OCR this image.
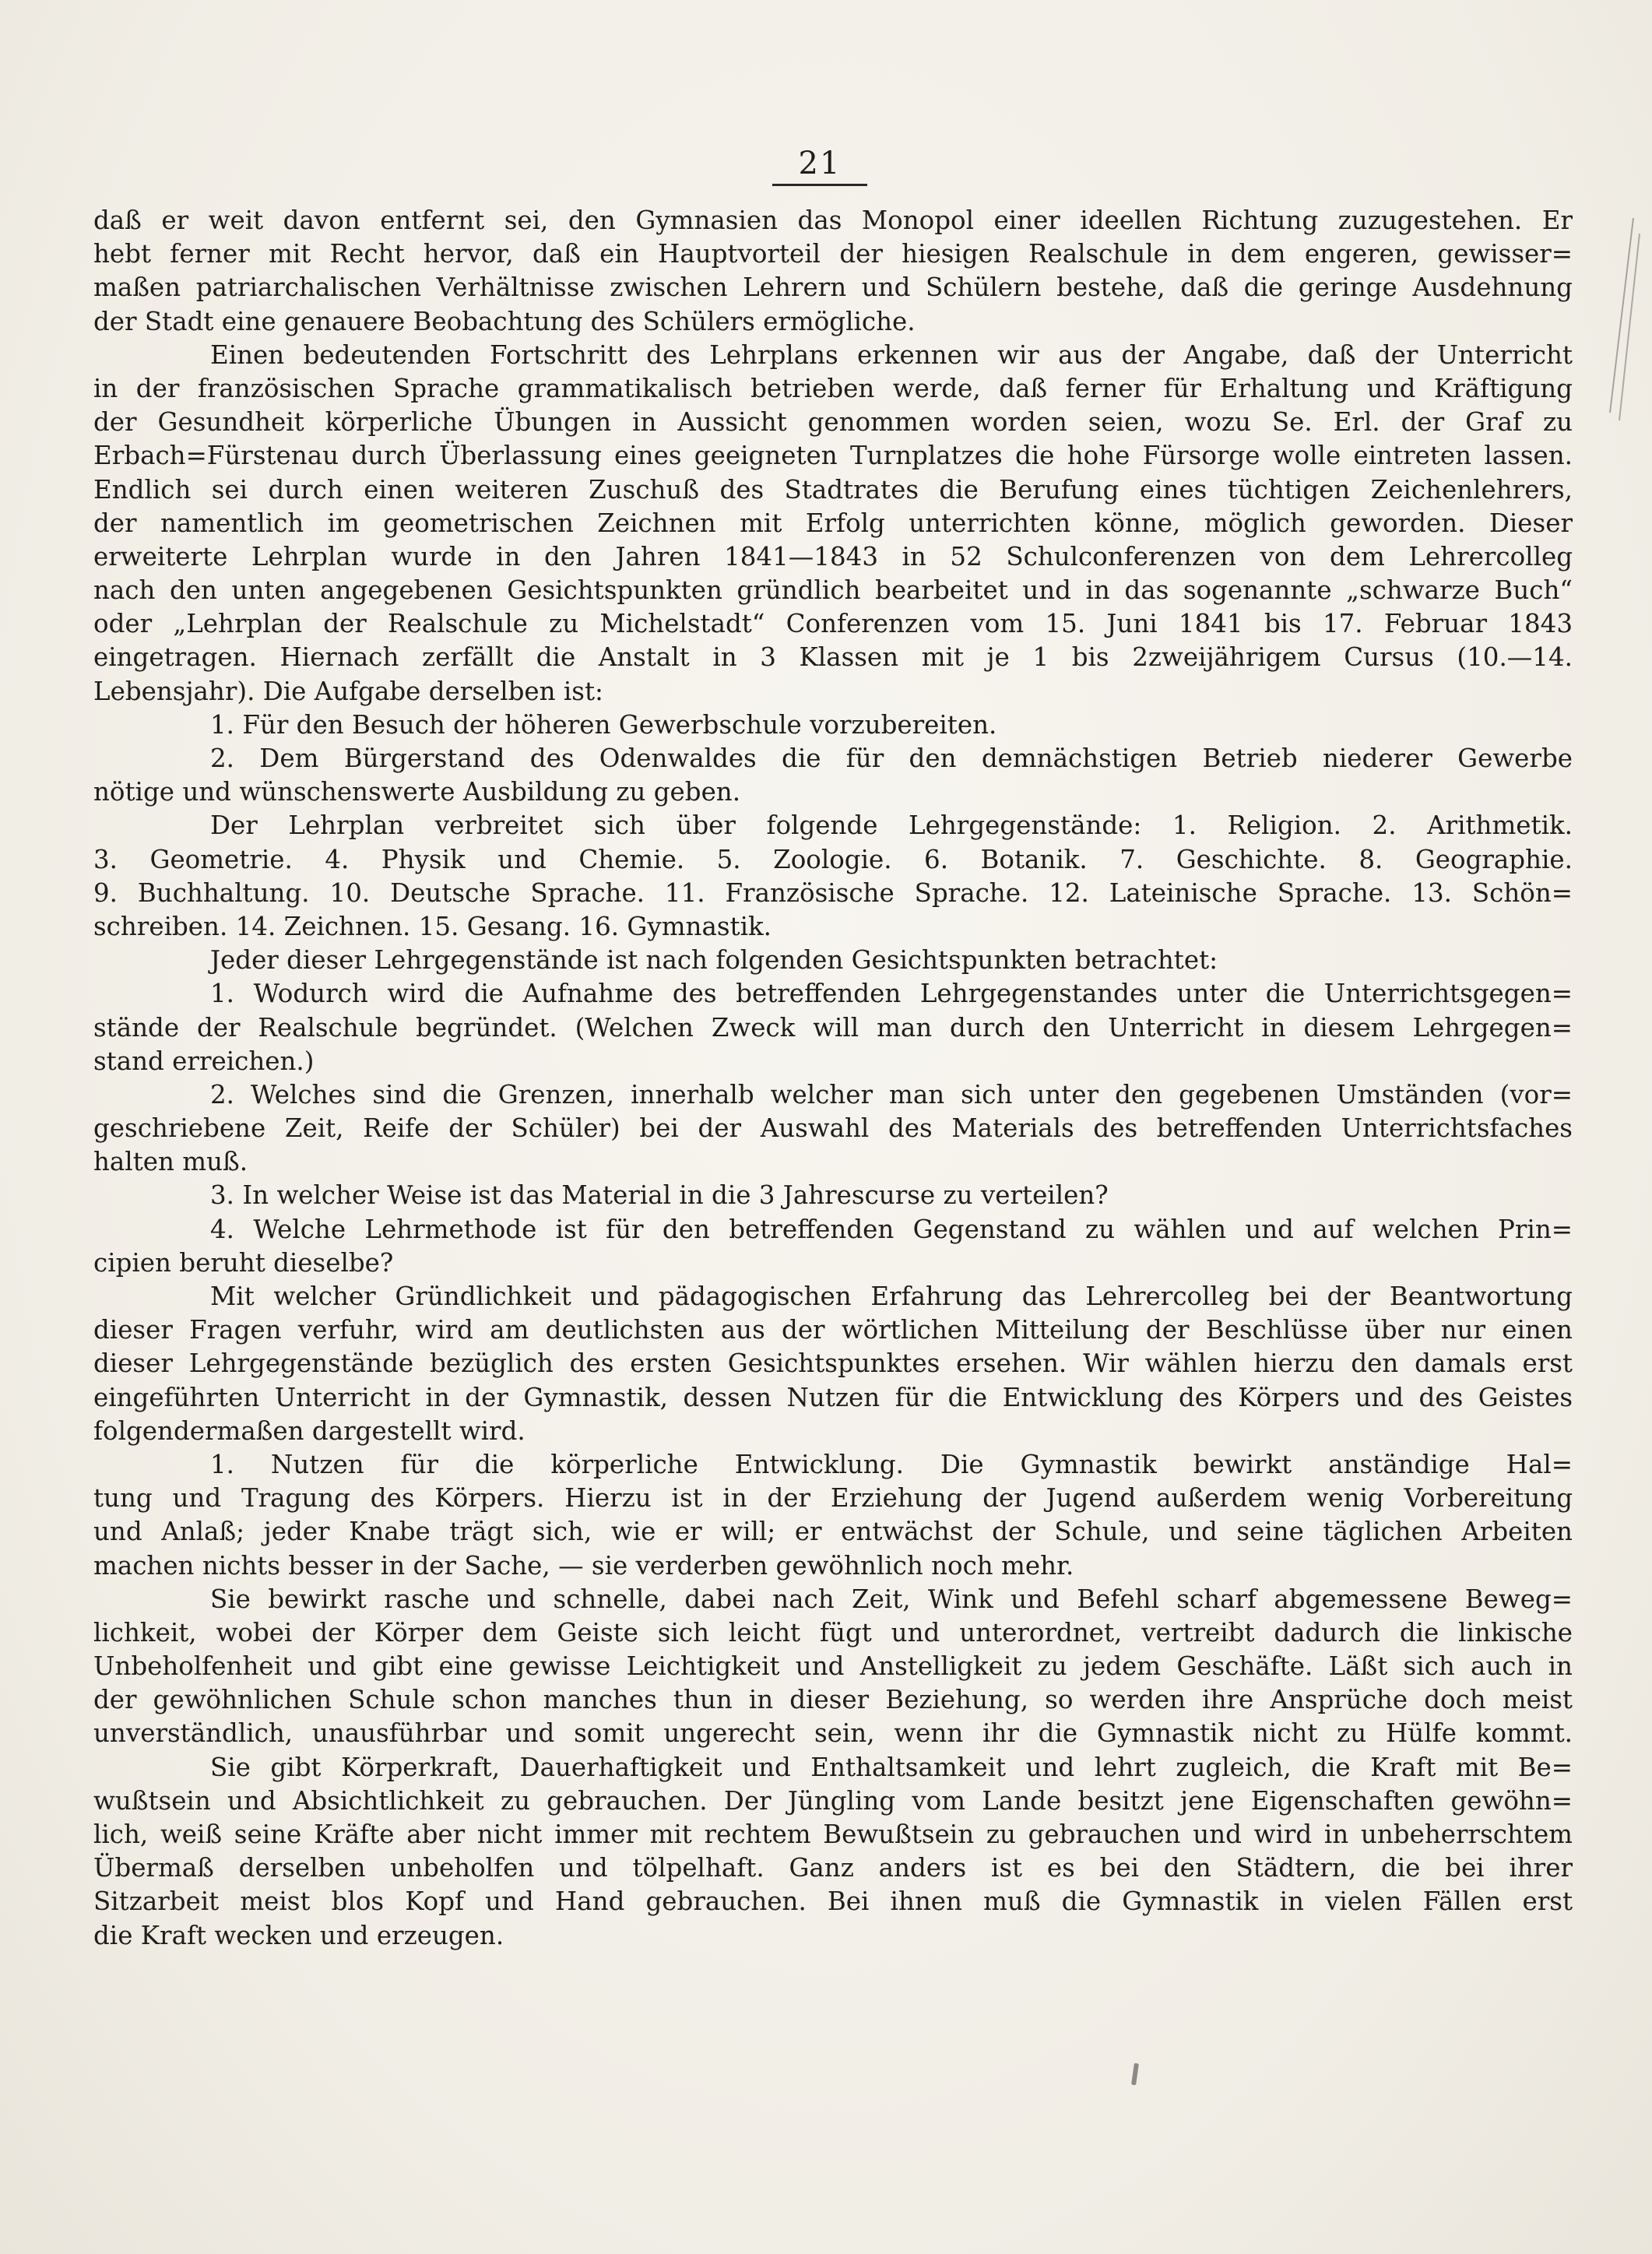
21
daß er weit davon entfernt sei, den Gymnasien das Monopol einer ideellen Richtung zuzugestehen. Er
hebt ferner mit Recht hervor, daß ein Hauptvorteil der hiesigen Realschule in dem engeren, gewisser=
maßen patriarchalischen Verhältnisse zwischen Lehrern und Schülern bestehe, daß die geringe Ausdehnung
der Stadt eine genauere Beobachtung des Schülers ermögliche.
Einen bedeutenden Fortschritt des Lehrplans erkennen wir aus der Angabe, daß der Unterricht
in der französischen Sprache grammatikalisch betrieben werde, daß ferner für Erhaltung und Kräftigung
der Gesundheit körperliche Übungen in Aussicht genommen worden seien, wozu Se. Erl. der Graf zu
Erbach=Fürstenau durch Überlassung eines geeigneten Turnplatzes die hohe Fürsorge wolle eintreten lassen.
Endlich sei durch einen weiteren Zuschuß des Stadtrates die Berufung eines tüchtigen Zeichenlehrers,
der namentlich im geometrischen Zeichnen mit Erfolg unterrichten könne, möglich geworden. Dieser
erweiterte Lehrplan wurde in den Jahren 1841—1843 in 52 Schulconferenzen von dem Lehrercolleg
nach den unten angegebenen Gesichtspunkten gründlich bearbeitet und in das sogenannte „schwarze Buch“
oder „Lehrplan der Realschule zu Michelstadt“ Conferenzen vom 15. Juni 1841 bis 17. Februar 1843
eingetragen. Hiernach zerfällt die Anstalt in 3 Klassen mit je 1 bis 2zweijährigem Cursus (10.—14.
Lebensjahr). Die Aufgabe derselben ist:
1. Für den Besuch der höheren Gewerbschule vorzubereiten.
2. Dem Bürgerstand des Odenwaldes die für den demnächstigen Betrieb niederer Gewerbe
nötige und wünschenswerte Ausbildung zu geben.
Der Lehrplan verbreitet sich über folgende Lehrgegenstände: 1. Religion. 2. Arithmetik.
3. Geometrie. 4. Physik und Chemie. 5. Zoologie. 6. Botanik. 7. Geschichte. 8. Geographie.
9. Buchhaltung. 10. Deutsche Sprache. 11. Französische Sprache. 12. Lateinische Sprache. 13. Schön=
schreiben. 14. Zeichnen. 15. Gesang. 16. Gymnastik.
Jeder dieser Lehrgegenstände ist nach folgenden Gesichtspunkten betrachtet:
1. Wodurch wird die Aufnahme des betreffenden Lehrgegenstandes unter die Unterrichtsgegen=
stände der Realschule begründet. (Welchen Zweck will man durch den Unterricht in diesem Lehrgegen=
stand erreichen.)
2. Welches sind die Grenzen, innerhalb welcher man sich unter den gegebenen Umständen (vor=
geschriebene Zeit, Reife der Schüler) bei der Auswahl des Materials des betreffenden Unterrichtsfaches
halten muß.
3. In welcher Weise ist das Material in die 3 Jahrescurse zu verteilen?
4. Welche Lehrmethode ist für den betreffenden Gegenstand zu wählen und auf welchen Prin=
cipien beruht dieselbe?
Mit welcher Gründlichkeit und pädagogischen Erfahrung das Lehrercolleg bei der Beantwortung
dieser Fragen verfuhr, wird am deutlichsten aus der wörtlichen Mitteilung der Beschlüsse über nur einen
dieser Lehrgegenstände bezüglich des ersten Gesichtspunktes ersehen. Wir wählen hierzu den damals erst
eingeführten Unterricht in der Gymnastik, dessen Nutzen für die Entwicklung des Körpers und des Geistes
folgendermaßen dargestellt wird.
1. Nutzen für die körperliche Entwicklung. Die Gymnastik bewirkt anständige Hal=
tung und Tragung des Körpers. Hierzu ist in der Erziehung der Jugend außerdem wenig Vorbereitung
und Anlaß; jeder Knabe trägt sich, wie er will; er entwächst der Schule, und seine täglichen Arbeiten
machen nichts besser in der Sache, — sie verderben gewöhnlich noch mehr.
Sie bewirkt rasche und schnelle, dabei nach Zeit, Wink und Befehl scharf abgemessene Beweg=
lichkeit, wobei der Körper dem Geiste sich leicht fügt und unterordnet, vertreibt dadurch die linkische
Unbeholfenheit und gibt eine gewisse Leichtigkeit und Anstelligkeit zu jedem Geschäfte. Läßt sich auch in
der gewöhnlichen Schule schon manches thun in dieser Beziehung, so werden ihre Ansprüche doch meist
unverständlich, unausführbar und somit ungerecht sein, wenn ihr die Gymnastik nicht zu Hülfe kommt.
Sie gibt Körperkraft, Dauerhaftigkeit und Enthaltsamkeit und lehrt zugleich, die Kraft mit Be=
wußtsein und Absichtlichkeit zu gebrauchen. Der Jüngling vom Lande besitzt jene Eigenschaften gewöhn=
lich, weiß seine Kräfte aber nicht immer mit rechtem Bewußtsein zu gebrauchen und wird in unbeherrschtem
Übermaß derselben unbeholfen und tölpelhaft. Ganz anders ist es bei den Städtern, die bei ihrer
Sitzarbeit meist blos Kopf und Hand gebrauchen. Bei ihnen muß die Gymnastik in vielen Fällen erst
die Kraft wecken und erzeugen.
